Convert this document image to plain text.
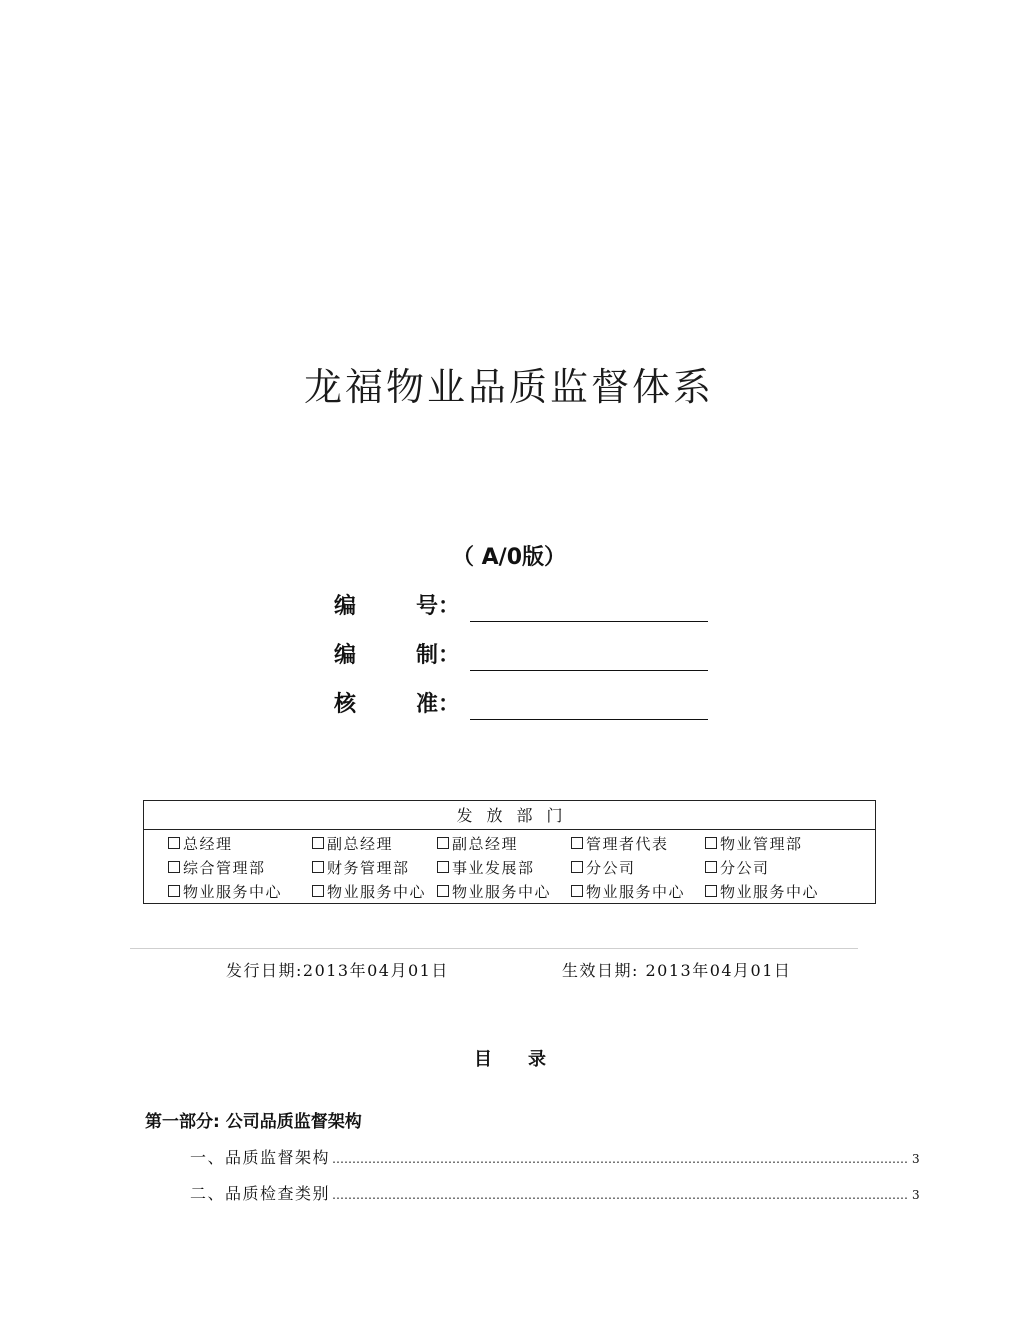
龙福物业品质监督体系
（ A/0版）
编	号 ：
编	制 ：
核	准 ：
发放部门
总经理	副总经理	副总经理	管理者代表	物业管理部
综合管理部	财务管理部	事业发展部	分公司	分公司
物业服务中心	物业服务中心	物业服务中心	物业服务中心	物业服务中心
发行日期:2013年04月01日	生效日期: 2013年04月01日
目录
第一部分: 公司品质监督架构
一、品质监督架构 ……………………………………………………………………………………………………………………………… 3
二、品质检查类别 ……………………………………………………………………………………………………………………………… 3
